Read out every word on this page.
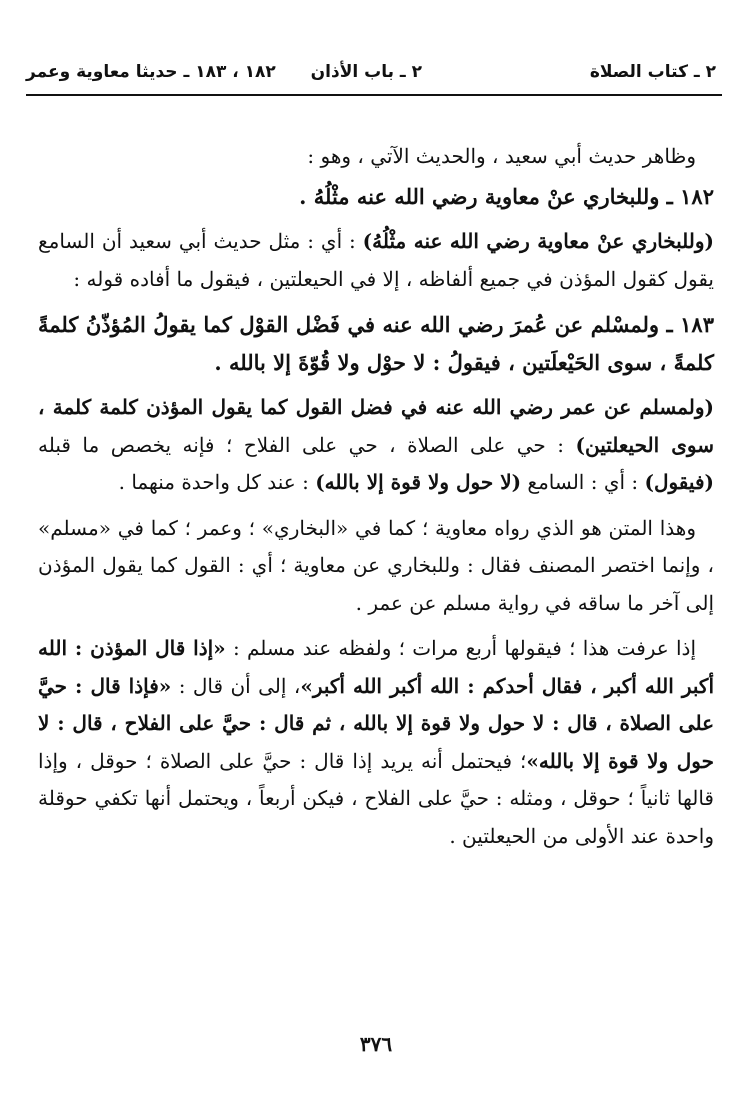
٢ ـ كتاب الصلاة
٢ ـ باب الأذان
١٨٢ ، ١٨٣ ـ حديثا معاوية وعمر

وظاهر حديث أبي سعيد ، والحديث الآتي ، وهو :

١٨٢ ـ وللبخاري عنْ معاوية رضي الله عنه مثْلُهُ .

(وللبخاري عنْ معاوية رضي الله عنه مثْلُهُ) : أي : مثل حديث أبي سعيد أن السامع يقول كقول المؤذن في جميع ألفاظه ، إلا في الحيعلتين ، فيقول ما أفاده قوله :

١٨٣ ـ ولمسْلم عن عُمرَ رضي الله عنه في فَضْل القوْل كما يقولُ المُؤذّنُ كلمةً كلمةً ، سوى الحَيْعلَتين ، فيقولُ : لا حوْل ولا قُوّةَ إلا بالله .

(ولمسلم عن عمر رضي الله عنه في فضل القول كما يقول المؤذن كلمة كلمة ، سوى الحيعلتين) : حي على الصلاة ، حي على الفلاح ؛ فإنه يخصص ما قبله (فيقول) : أي : السامع (لا حول ولا قوة إلا بالله) : عند كل واحدة منهما .

وهذا المتن هو الذي رواه معاوية ؛ كما في «البخاري» ؛ وعمر ؛ كما في «مسلم» ، وإنما اختصر المصنف فقال : وللبخاري عن معاوية ؛ أي : القول كما يقول المؤذن إلى آخر ما ساقه في رواية مسلم عن عمر .

إذا عرفت هذا ؛ فيقولها أربع مرات ؛ ولفظه عند مسلم : «إذا قال المؤذن : الله أكبر الله أكبر ، فقال أحدكم : الله أكبر الله أكبر»، إلى أن قال : «فإذا قال : حيَّ على الصلاة ، قال : لا حول ولا قوة إلا بالله ، ثم قال : حيَّ على الفلاح ، قال : لا حول ولا قوة إلا بالله»؛ فيحتمل أنه يريد إذا قال : حيَّ على الصلاة ؛ حوقل ، وإذا قالها ثانياً ؛ حوقل ، ومثله : حيَّ على الفلاح ، فيكن أربعاً ، ويحتمل أنها تكفي حوقلة واحدة عند الأولى من الحيعلتين .

٣٧٦
